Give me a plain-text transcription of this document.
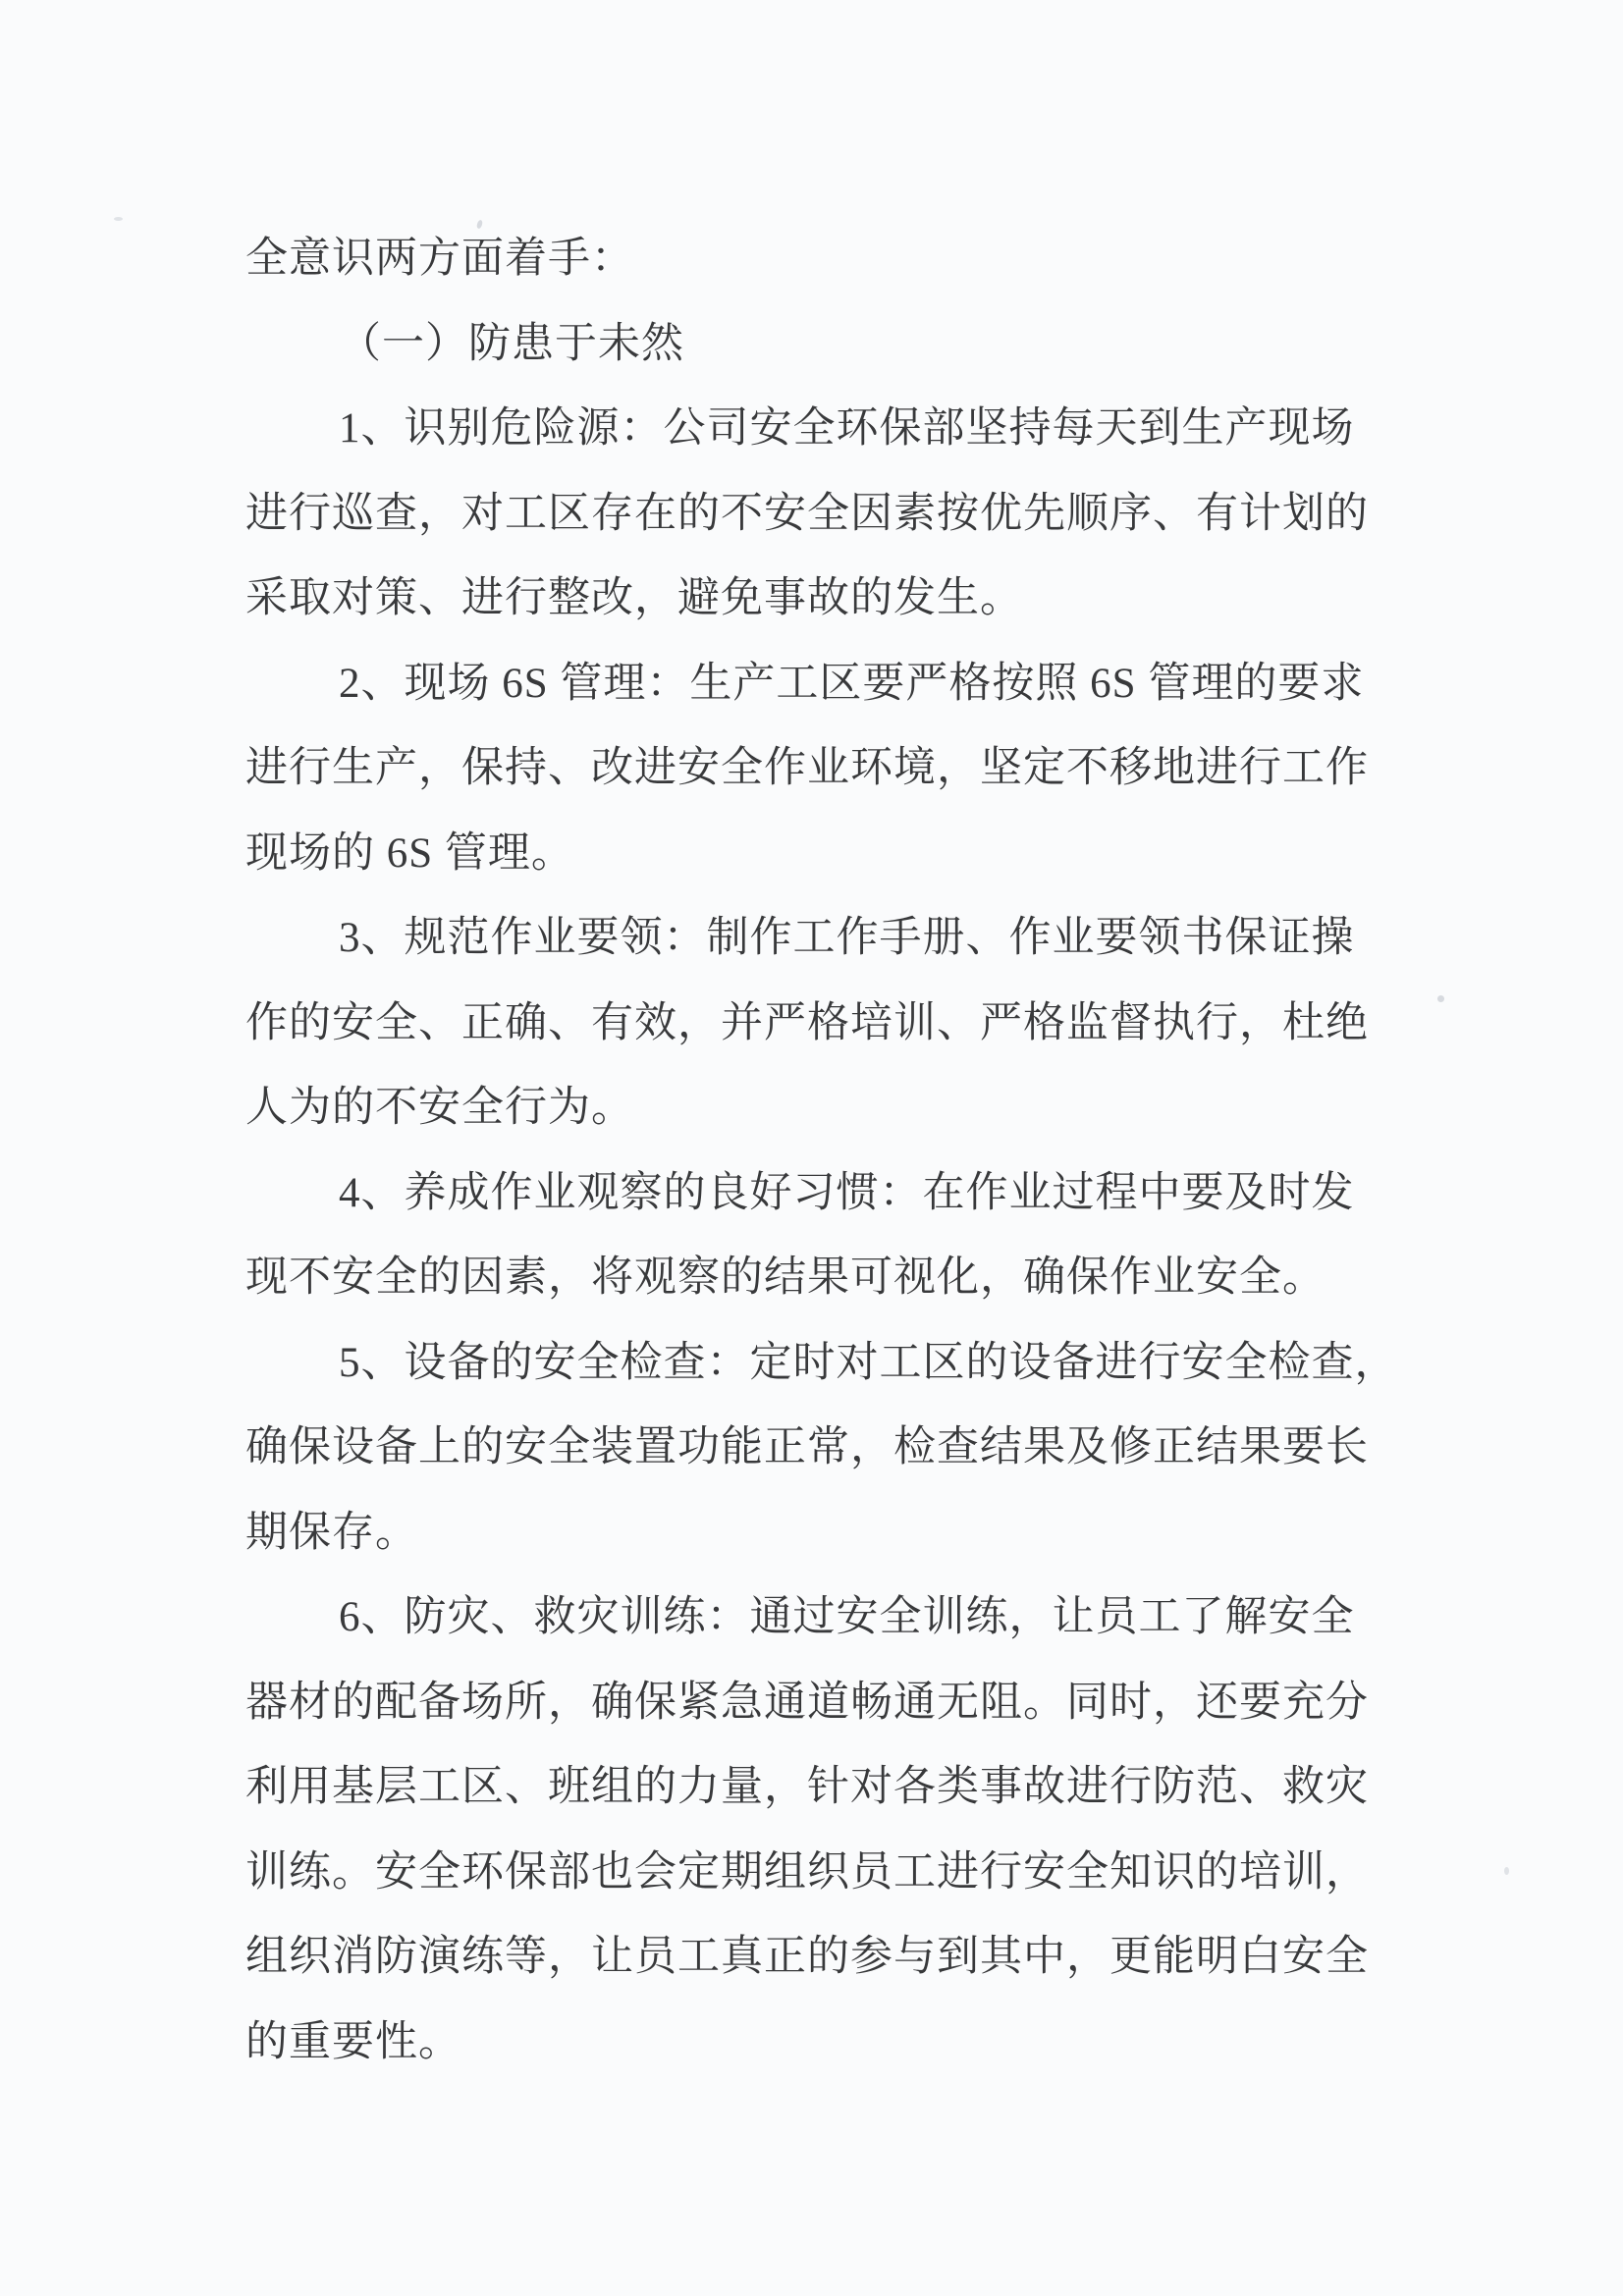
全意识两方面着手：
（一）防患于未然
1、识别危险源：公司安全环保部坚持每天到生产现场
进行巡查，对工区存在的不安全因素按优先顺序、有计划的
采取对策、进行整改，避免事故的发生。
2、现场 6S 管理：生产工区要严格按照 6S 管理的要求
进行生产，保持、改进安全作业环境，坚定不移地进行工作
现场的 6S 管理。
3、规范作业要领：制作工作手册、作业要领书保证操
作的安全、正确、有效，并严格培训、严格监督执行，杜绝
人为的不安全行为。
4、养成作业观察的良好习惯：在作业过程中要及时发
现不安全的因素，将观察的结果可视化，确保作业安全。
5、设备的安全检查：定时对工区的设备进行安全检查，
确保设备上的安全装置功能正常，检查结果及修正结果要长
期保存。
6、防灾、救灾训练：通过安全训练，让员工了解安全
器材的配备场所，确保紧急通道畅通无阻。同时，还要充分
利用基层工区、班组的力量，针对各类事故进行防范、救灾
训练。安全环保部也会定期组织员工进行安全知识的培训，
组织消防演练等，让员工真正的参与到其中，更能明白安全
的重要性。
